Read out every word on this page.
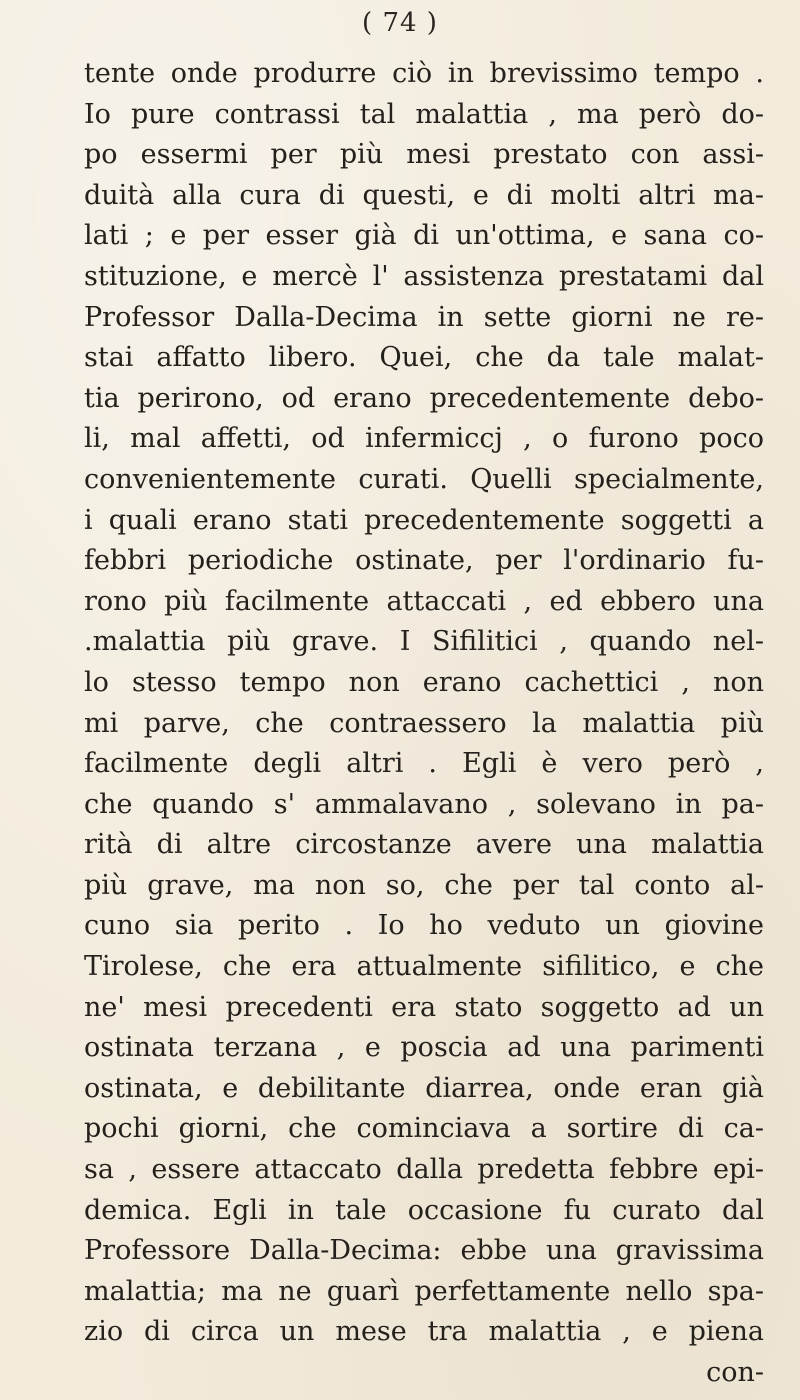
( 74 )
tente onde produrre ciò in brevissimo tempo .
Io pure contrassi tal malattia , ma però do-
po essermi per più mesi prestato con assi-
duità alla cura di questi, e di molti altri ma-
lati ; e per esser già di un'ottima, e sana co-
stituzione, e mercè l' assistenza prestatami dal
Professor Dalla-Decima in sette giorni ne re-
stai affatto libero. Quei, che da tale malat-
tia perirono, od erano precedentemente debo-
li, mal affetti, od infermiccj , o furono poco
convenientemente curati. Quelli specialmente,
i quali erano stati precedentemente soggetti a
febbri periodiche ostinate, per l'ordinario fu-
rono più facilmente attaccati , ed ebbero una
.malattia più grave. I Sifilitici , quando nel-
lo stesso tempo non erano cachettici , non
mi parve, che contraessero la malattia più
facilmente degli altri . Egli è vero però ,
che quando s' ammalavano , solevano in pa-
rità di altre circostanze avere una malattia
più grave, ma non so, che per tal conto al-
cuno sia perito . Io ho veduto un giovine
Tirolese, che era attualmente sifilitico, e che
ne' mesi precedenti era stato soggetto ad un
ostinata terzana , e poscia ad una parimenti
ostinata, e debilitante diarrea, onde eran già
pochi giorni, che cominciava a sortire di ca-
sa , essere attaccato dalla predetta febbre epi-
demica. Egli in tale occasione fu curato dal
Professore Dalla-Decima: ebbe una gravissima
malattia; ma ne guarì perfettamente nello spa-
zio di circa un mese tra malattia , e piena
con-
